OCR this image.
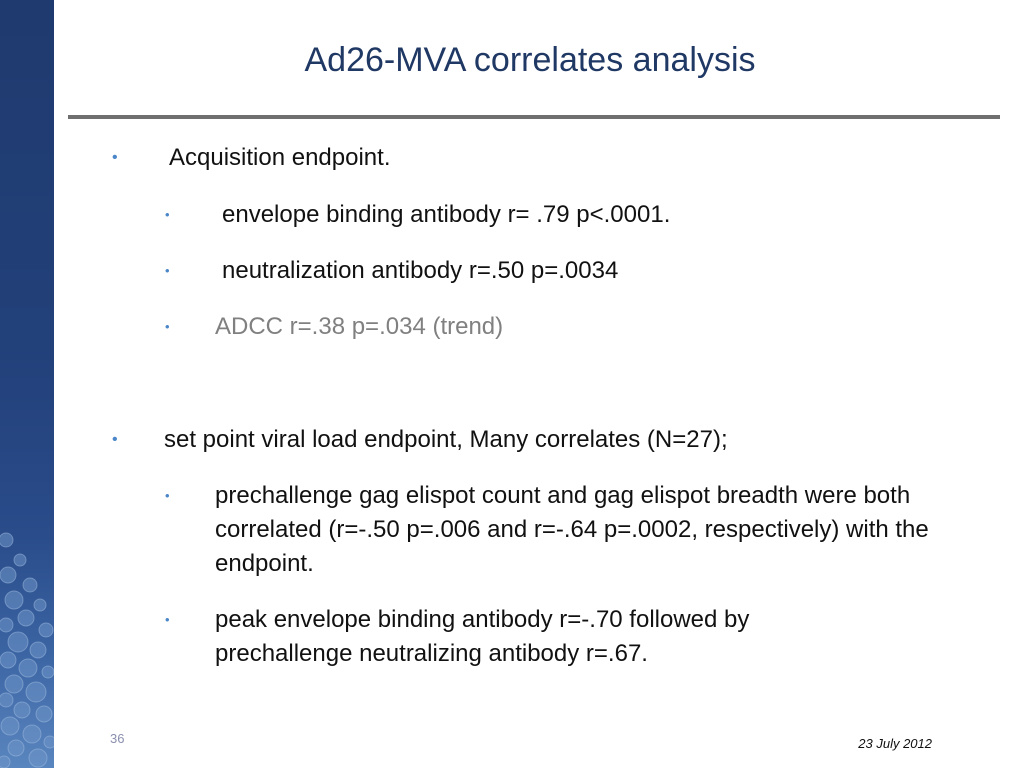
Ad26-MVA correlates analysis
•	Acquisition endpoint.
•	envelope binding antibody r= .79 p<.0001.
•	neutralization antibody r=.50 p=.0034
•	ADCC r=.38 p=.034 (trend)
•	set point viral load endpoint, Many correlates (N=27);
•	prechallenge gag elispot count and gag elispot breadth were both correlated (r=-.50 p=.006 and r=-.64 p=.0002, respectively) with the endpoint.
•	peak envelope binding antibody r=-.70 followed by prechallenge neutralizing antibody r=.67.
36	23 July 2012
